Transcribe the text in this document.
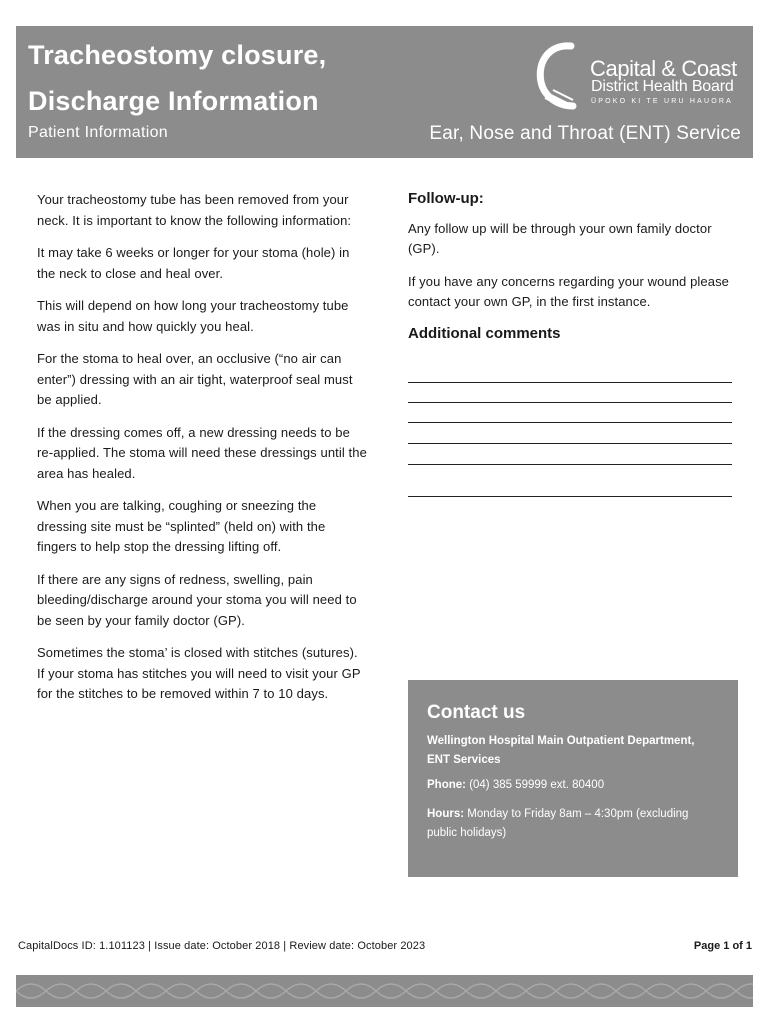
Tracheostomy closure,
Discharge Information
Patient Information	Ear, Nose and Throat (ENT) Service
Capital & Coast
District Health Board
ŪPOKO KI TE URU HAUORA

Your tracheostomy tube has been removed from your neck. It is important to know the following information:

It may take 6 weeks or longer for your stoma (hole) in the neck to close and heal over.

This will depend on how long your tracheostomy tube was in situ and how quickly you heal.

For the stoma to heal over, an occlusive (“no air can enter”) dressing with an air tight, waterproof seal must be applied.

If the dressing comes off, a new dressing needs to be re-applied. The stoma will need these dressings until the area has healed.

When you are talking, coughing or sneezing the dressing site must be “splinted” (held on) with the fingers to help stop the dressing lifting off.

If there are any signs of redness, swelling, pain bleeding/discharge around your stoma you will need to be seen by your family doctor (GP).

Sometimes the stoma’ is closed with stitches (sutures). If your stoma has stitches you will need to visit your GP for the stitches to be removed within 7 to 10 days.

Follow-up:

Any follow up will be through your own family doctor (GP).

If you have any concerns regarding your wound please contact your own GP, in the first instance.

Additional comments
Contact us
Wellington Hospital Main Outpatient Department, ENT Services
Phone: (04) 385 59999 ext. 80400
Hours: Monday to Friday 8am – 4:30pm (excluding public holidays)
CapitalDocs ID: 1.101123 | Issue date: October 2018 | Review date: October 2023	Page 1 of 1
